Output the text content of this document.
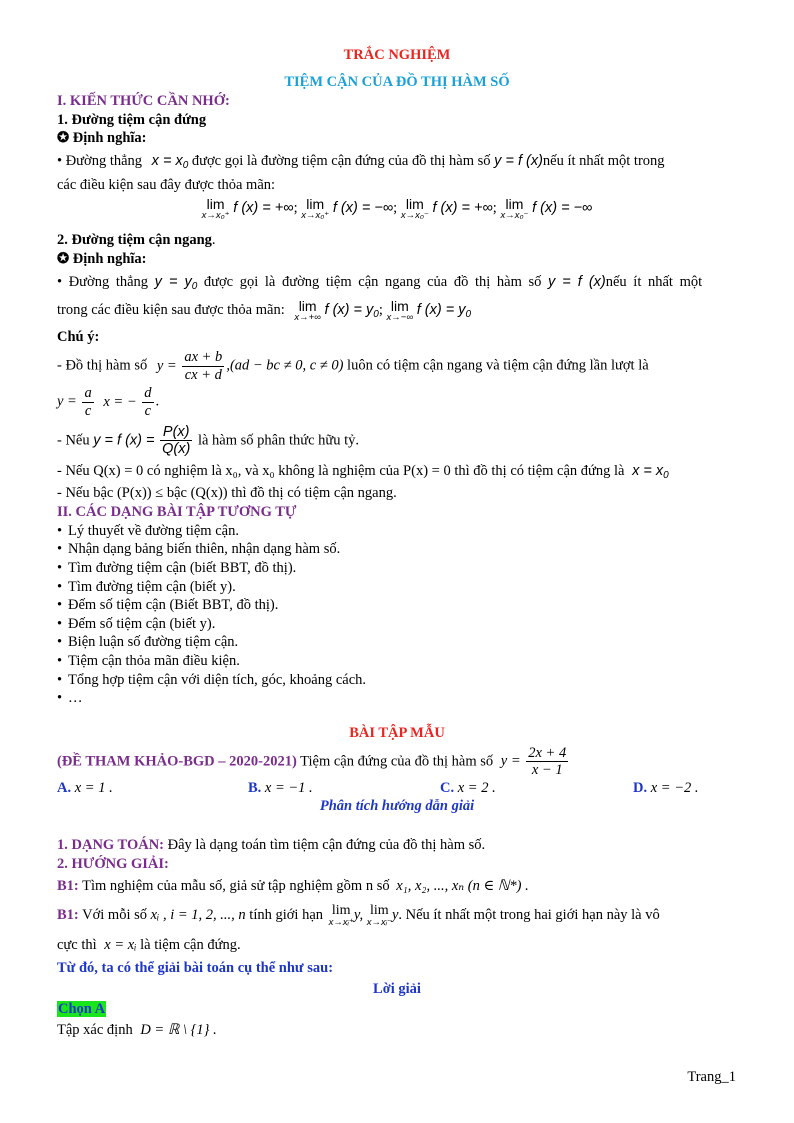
TRẮC NGHIỆM
TIỆM CẬN CỦA ĐỒ THỊ HÀM SỐ
I. KIẾN THỨC CẦN NHỚ:
1. Đường tiệm cận đứng
✪ Định nghĩa:

• Đường thẳng $x = x_0$ được gọi là đường tiệm cận đứng của đồ thị hàm số y = f (x)nếu ít nhất một trong

các điều kiện sau đây được thỏa mãn:

lim
x→x₀⁺ f (x) = +∞; lim
x→x₀⁺ f (x) = −∞; lim
x→x₀⁻ f (x) = +∞; lim
x→x₀⁻ f (x) = −∞
2. Đường tiệm cận ngang.
✪ Định nghĩa:

• Đường thẳng $y = y_0$ được gọi là đường tiệm cận ngang của đồ thị hàm số y = f (x)nếu ít nhất một

trong các điều kiện sau được thỏa mãn: lim
x→+∞ f $(x) = y_0$; lim
x→−∞ f $(x) = y_0$

Chú ý:

- Đồ thị hàm số $y = \frac{ax + b}{cx + d} ,(ad$ − bc ≠ 0, c ≠ 0) luôn có tiệm cận ngang và tiệm cận đứng lần lượt là

$y = \frac{a}{c}$ x = − $\frac{d}{c}$ .

- Nếu y = f $(x) = \frac{P(x)}{Q(x)}$ là hàm số phân thức hữu tỷ.

- Nếu Q(x) = 0 có nghiệm là x₀, và x₀ không là nghiệm của P(x) = 0 thì đồ thị có tiệm cận đứng là $x = x_0$

- Nếu bậc (P(x)) ≤ bậc (Q(x)) thì đồ thị có tiệm cận ngang.

II. CÁC DẠNG BÀI TẬP TƯƠNG TỰ
• Lý thuyết về đường tiệm cận.
• Nhận dạng bảng biến thiên, nhận dạng hàm số.
• Tìm đường tiệm cận (biết BBT, đồ thị).
• Tìm đường tiệm cận (biết y).
• Đếm số tiệm cận (Biết BBT, đồ thị).
• Đếm số tiệm cận (biết y).
• Biện luận số đường tiệm cận.
• Tiệm cận thỏa mãn điều kiện.
• Tổng hợp tiệm cận với diện tích, góc, khoảng cách.
• …
BÀI TẬP MẪU

(ĐỀ THAM KHẢO-BGD – 2020-2021) Tiệm cận đứng của đồ thị hàm số $y = \frac{2x + 4}{x - 1}$

A. x = 1 .	B. x = −1 .	C. x = 2 .	D. x = −2 .
Phân tích hướng dẫn giải

1. DẠNG TOÁN: Đây là dạng toán tìm tiệm cận đứng của đồ thị hàm số.

2. HƯỚNG GIẢI:

B1: Tìm nghiệm của mẫu số, giả sử tập nghiệm gồm n số x₁, x₂, ..., xₙ (n ∈ ℕ*) .

B1: Với mỗi số xᵢ , i = 1, 2, ..., n tính giới hạn lim
x→xᵢ⁺ y, lim
x→xᵢ⁻ y. Nếu ít nhất một trong hai giới hạn này là vô

cực thì x = xᵢ là tiệm cận đứng.

Từ đó, ta có thể giải bài toán cụ thể như sau:
Lời giải
Chọn A

Tập xác định D = ℝ \ {1} .

Trang_1
